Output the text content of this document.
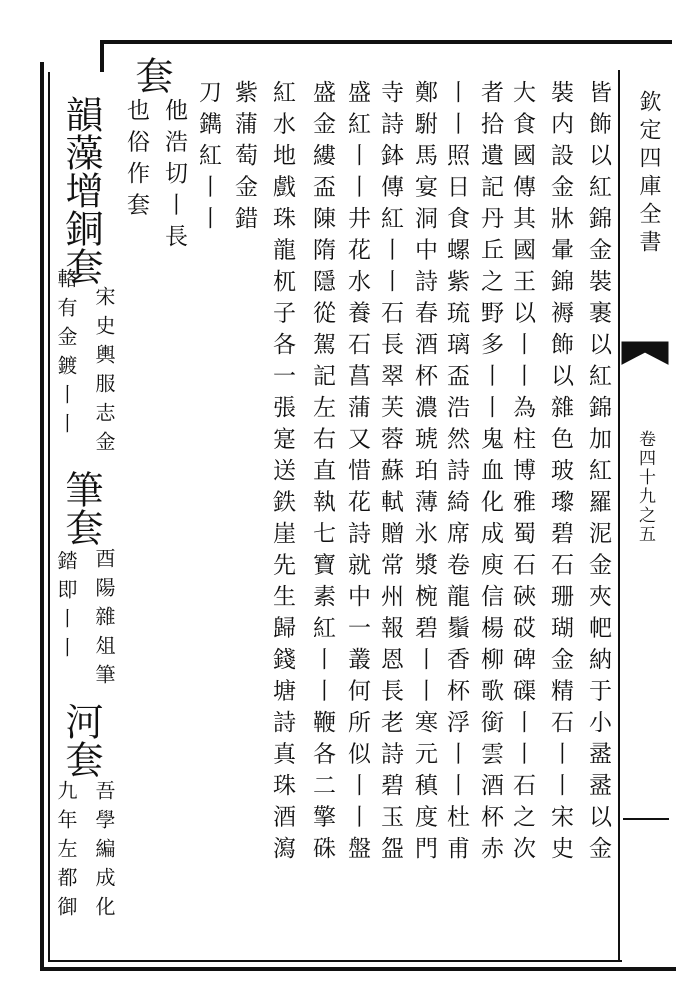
欽定四庫全書
卷四十九之五
皆飾以紅錦金裝裹以紅錦加紅羅泥金夾帊納于小盝盝以金
裝内設金牀暈錦褥飾以雜色玻瓈碧石珊瑚金精石丨丨宋史
大食國傳其國王以丨丨為柱博雅蜀石硤砹碑磲丨丨石之次
者拾遺記丹丘之野多丨丨鬼血化成庾信楊柳歌銜雲酒杯赤
丨丨照日食螺紫琉璃盃浩然詩綺席卷龍鬚香杯浮丨丨杜甫
鄭駙馬宴洞中詩春酒杯濃琥珀薄氷漿椀碧丨丨寒元稹度門
寺詩鉢傳紅丨丨石長翠芙蓉蘇軾贈常州報恩長老詩碧玉盌
盛紅丨丨井花水養石菖蒲又惜花詩就中一叢何所似丨丨盤
盛金縷盃陳隋隱從駕記左右直執七寶素紅丨丨鞭各二擎硃
紅水地戲珠龍杌子各一張寔送鉄崖先生歸錢塘詩真珠酒瀉
紫蒲萄金錯
刀鐫紅丨丨
套
他浩切丨長
也俗作套
韻藻增銅套
宋史輿服志金
輅有金鍍丨丨
筆套
酉陽雜俎筆
錔即丨丨
河套
吾學編成化
九年左都御
